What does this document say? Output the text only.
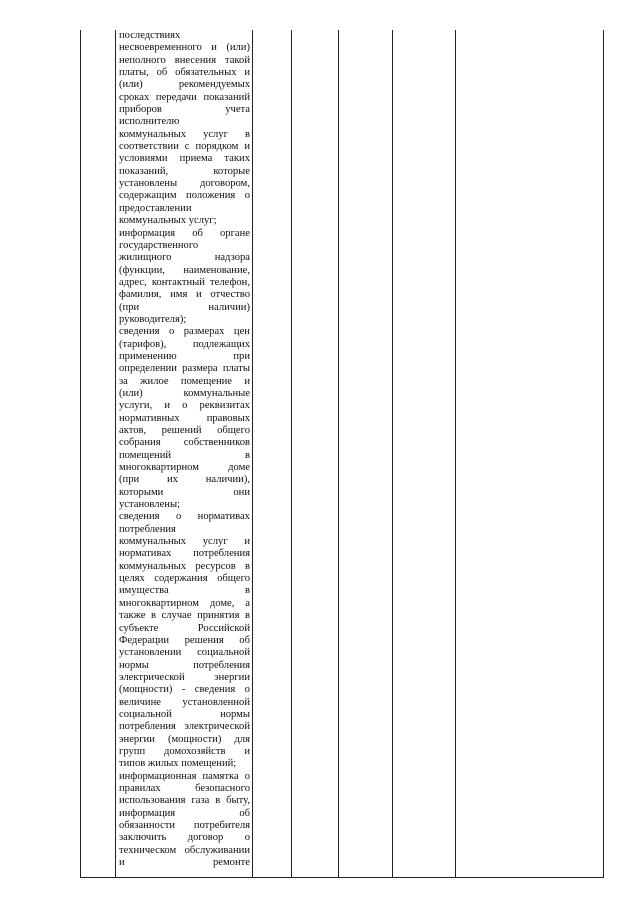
последствиях
несвоевременного и (или)
неполного внесения такой
платы, об обязательных и
(или)	рекомендуемых
сроках передачи показаний
приборов	учета
исполнителю
коммунальных услуг в
соответствии с порядком и
условиями приема таких
показаний,	которые
установлены договором,
содержащим положения о
предоставлении
коммунальных услуг;
информация об органе
государственного
жилищного	надзора
(функции, наименование,
адрес, контактный телефон,
фамилия, имя и отчество
(при	наличии)
руководителя);
сведения о размерах цен
(тарифов),	подлежащих
применению	при
определении размера платы
за жилое помещение и
(или)	коммунальные
услуги, и о реквизитах
нормативных	правовых
актов, решений общего
собрания собственников
помещений	в
многоквартирном	доме
(при	их	наличии),
которыми	они
установлены;
сведения о нормативах
потребления
коммунальных услуг и
нормативах потребления
коммунальных ресурсов в
целях содержания общего
имущества	в
многоквартирном доме, а
также в случае принятия в
субъекте	Российской
Федерации решения об
установлении социальной
нормы	потребления
электрической	энергии
(мощности) - сведения о
величине установленной
социальной	нормы
потребления электрической
энергии (мощности) для
групп домохозяйств и
типов жилых помещений;
информационная памятка о
правилах	безопасного
использования газа в быту,
информация	об
обязанности потребителя
заключить договор о
техническом обслуживании
и	ремонте
